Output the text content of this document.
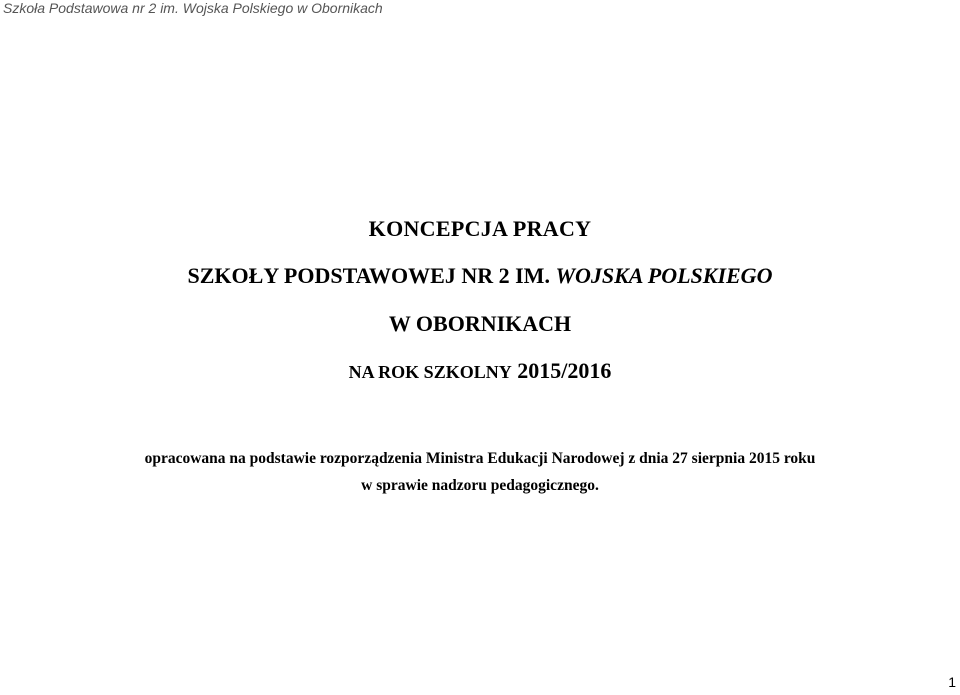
Szkoła Podstawowa nr 2 im. Wojska Polskiego w Obornikach
KONCEPCJA PRACY
SZKOŁY PODSTAWOWEJ NR 2 IM. WOJSKA POLSKIEGO
W OBORNIKACH
NA ROK SZKOLNY 2015/2016
opracowana na podstawie rozporządzenia Ministra Edukacji Narodowej z dnia 27 sierpnia 2015 roku
w sprawie nadzoru pedagogicznego.
1
